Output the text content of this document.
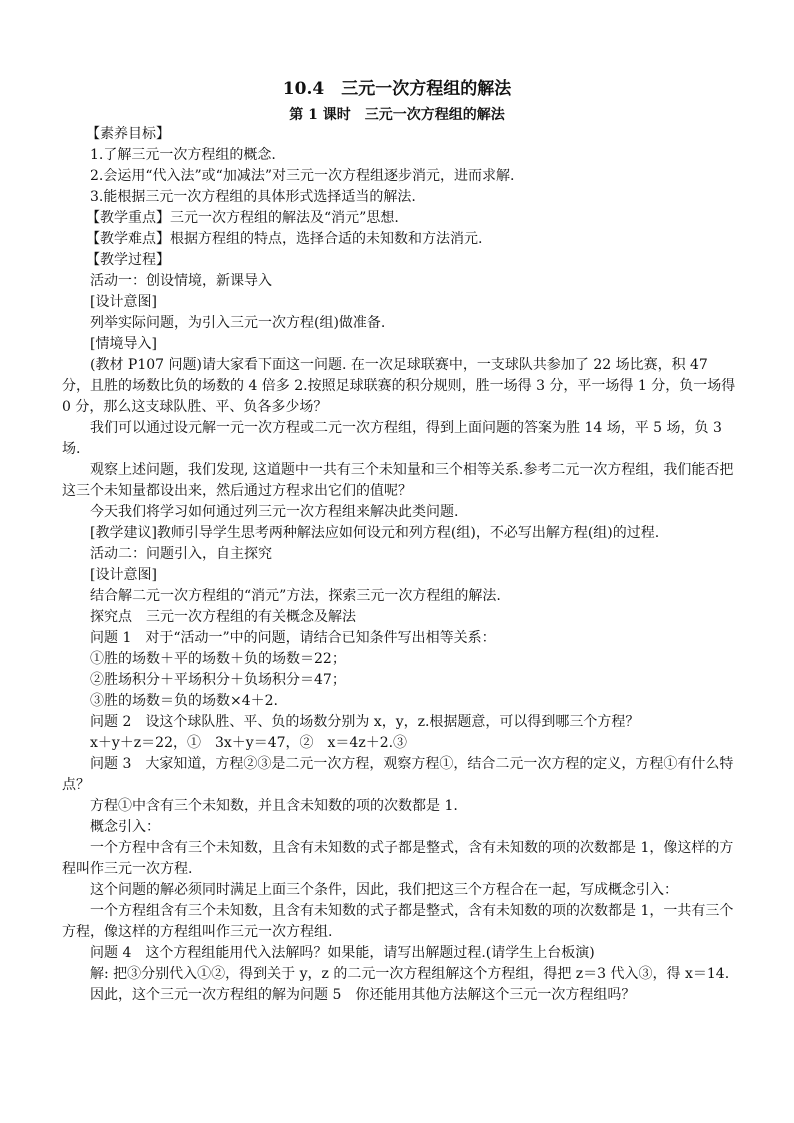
10.4　三元一次方程组的解法
第 1 课时　三元一次方程组的解法

【素养目标】

1.了解三元一次方程组的概念.

2.会运用“代入法”或“加减法”对三元一次方程组逐步消元，进而求解.

3.能根据三元一次方程组的具体形式选择适当的解法.

【教学重点】三元一次方程组的解法及“消元”思想.

【教学难点】根据方程组的特点，选择合适的未知数和方法消元.

【教学过程】

活动一：创设情境，新课导入

[设计意图]

列举实际问题，为引入三元一次方程(组)做准备.

[情境导入]

(教材 P107 问题)请大家看下面这一问题. 在一次足球联赛中，一支球队共参加了 22 场比赛，积 47 分，且胜的场数比负的场数的 4 倍多 2.按照足球联赛的积分规则，胜一场得 3 分，平一场得 1 分，负一场得 0 分，那么这支球队胜、平、负各多少场？

我们可以通过设元解一元一次方程或二元一次方程组，得到上面问题的答案为胜 14 场，平 5 场，负 3 场.

观察上述问题，我们发现, 这道题中一共有三个未知量和三个相等关系.参考二元一次方程组，我们能否把这三个未知量都设出来，然后通过方程求出它们的值呢？

今天我们将学习如何通过列三元一次方程组来解决此类问题.

[教学建议]教师引导学生思考两种解法应如何设元和列方程(组)，不必写出解方程(组)的过程.

活动二：问题引入，自主探究

[设计意图]

结合解二元一次方程组的“消元”方法，探索三元一次方程组的解法.

探究点　三元一次方程组的有关概念及解法

问题 1　对于“活动一”中的问题，请结合已知条件写出相等关系：

①胜的场数＋平的场数＋负的场数＝22；

②胜场积分＋平场积分＋负场积分＝47；

③胜的场数＝负的场数×4＋2.

问题 2　设这个球队胜、平、负的场数分别为 x，y，z.根据题意，可以得到哪三个方程？

x＋y＋z＝22，①　3x＋y＝47，②　x＝4z＋2.③

问题 3　大家知道，方程②③是二元一次方程，观察方程①，结合二元一次方程的定义，方程①有什么特点？

方程①中含有三个未知数，并且含未知数的项的次数都是 1.

概念引入：

一个方程中含有三个未知数，且含有未知数的式子都是整式，含有未知数的项的次数都是 1，像这样的方程叫作三元一次方程.

这个问题的解必须同时满足上面三个条件，因此，我们把这三个方程合在一起，写成概念引入：

一个方程组含有三个未知数，且含有未知数的式子都是整式，含有未知数的项的次数都是 1，一共有三个方程，像这样的方程组叫作三元一次方程组.

问题 4　这个方程组能用代入法解吗？如果能，请写出解题过程.(请学生上台板演)

解: 把③分别代入①②，得到关于 y，z 的二元一次方程组解这个方程组，得把 z＝3 代入③，得 x＝14.

因此，这个三元一次方程组的解为问题 5　你还能用其他方法解这个三元一次方程组吗？
